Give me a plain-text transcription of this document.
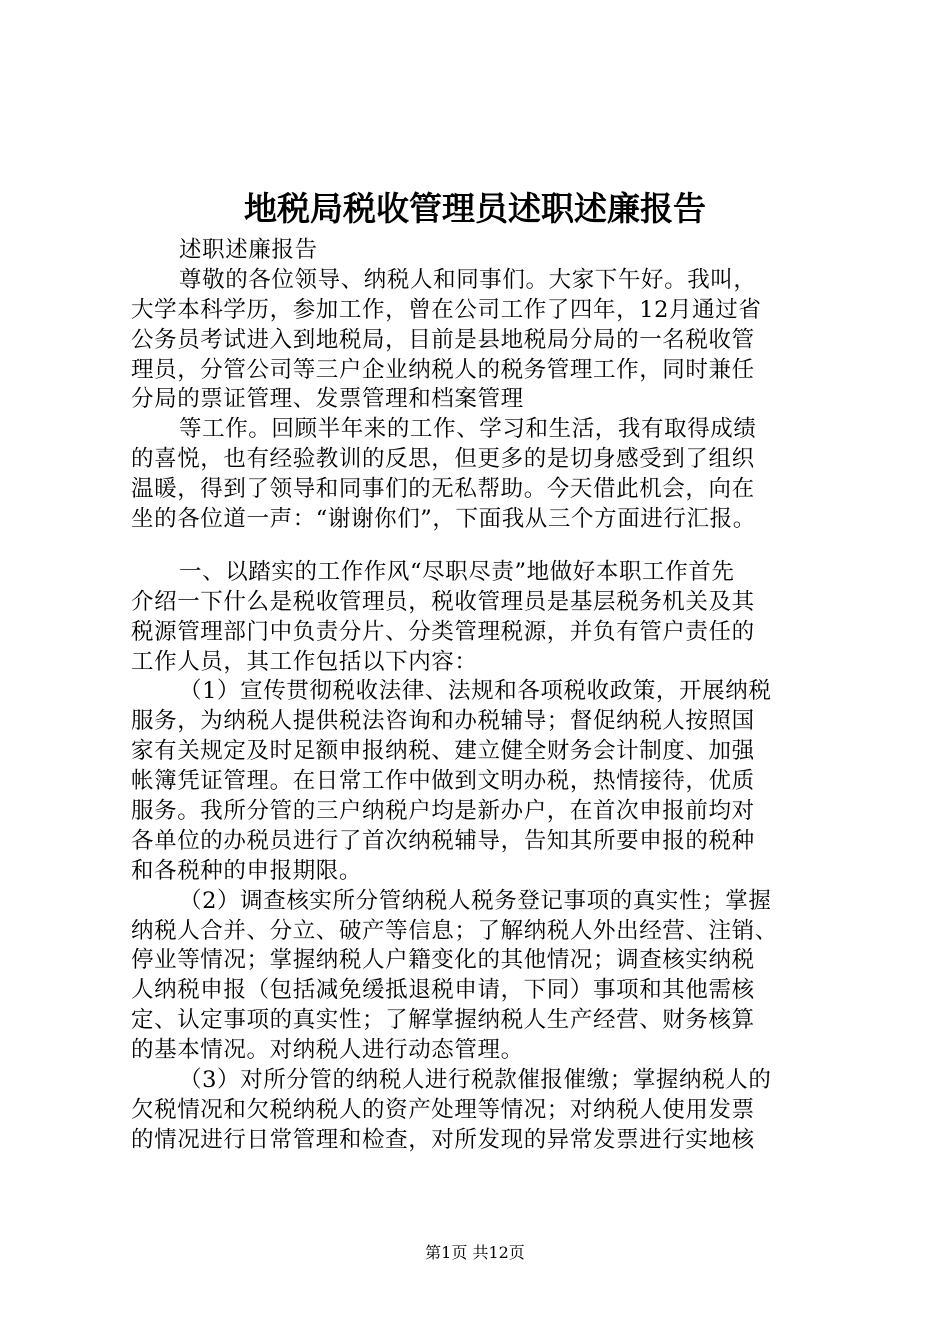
地税局税收管理员述职述廉报告
述职述廉报告
尊敬的各位领导、纳税人和同事们。大家下午好。我叫，
大学本科学历，参加工作，曾在公司工作了四年，12月通过省
公务员考试进入到地税局，目前是县地税局分局的一名税收管
理员，分管公司等三户企业纳税人的税务管理工作，同时兼任
分局的票证管理、发票管理和档案管理
等工作。回顾半年来的工作、学习和生活，我有取得成绩
的喜悦，也有经验教训的反思，但更多的是切身感受到了组织
温暖，得到了领导和同事们的无私帮助。今天借此机会，向在
坐的各位道一声：“谢谢你们”，下面我从三个方面进行汇报。
一、以踏实的工作作风“尽职尽责”地做好本职工作首先
介绍一下什么是税收管理员，税收管理员是基层税务机关及其
税源管理部门中负责分片、分类管理税源，并负有管户责任的
工作人员，其工作包括以下内容：
（1）宣传贯彻税收法律、法规和各项税收政策，开展纳税
服务，为纳税人提供税法咨询和办税辅导；督促纳税人按照国
家有关规定及时足额申报纳税、建立健全财务会计制度、加强
帐簿凭证管理。在日常工作中做到文明办税，热情接待，优质
服务。我所分管的三户纳税户均是新办户，在首次申报前均对
各单位的办税员进行了首次纳税辅导，告知其所要申报的税种
和各税种的申报期限。
（2）调查核实所分管纳税人税务登记事项的真实性；掌握
纳税人合并、分立、破产等信息；了解纳税人外出经营、注销、
停业等情况；掌握纳税人户籍变化的其他情况；调查核实纳税
人纳税申报（包括减免缓抵退税申请，下同）事项和其他需核
定、认定事项的真实性；了解掌握纳税人生产经营、财务核算
的基本情况。对纳税人进行动态管理。
（3）对所分管的纳税人进行税款催报催缴；掌握纳税人的
欠税情况和欠税纳税人的资产处理等情况；对纳税人使用发票
的情况进行日常管理和检查，对所发现的异常发票进行实地核
第1页 共12页
